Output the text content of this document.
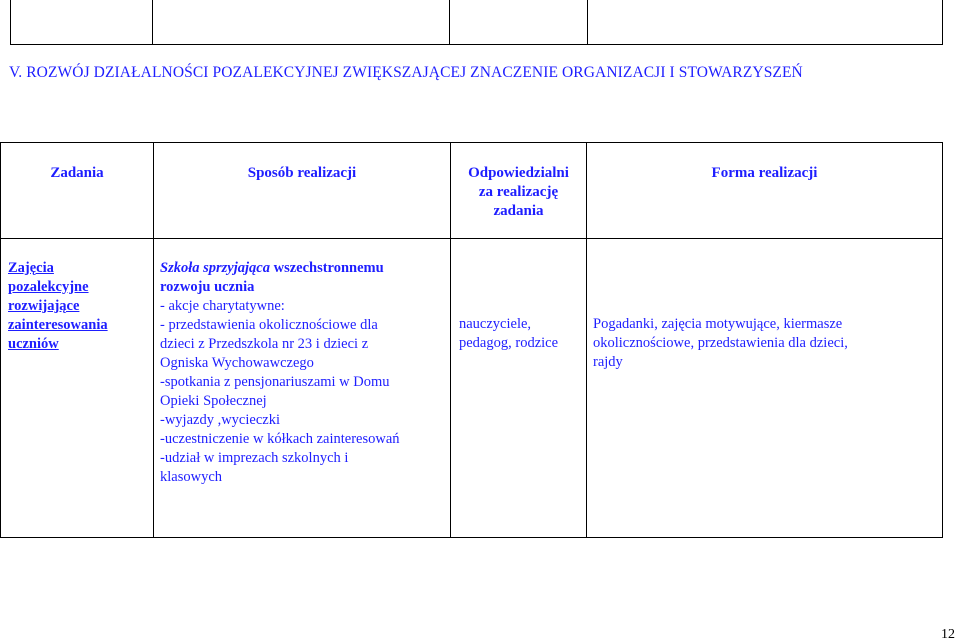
V. ROZWÓJ DZIAŁALNOŚCI POZALEKCYJNEJ ZWIĘKSZAJĄCEJ ZNACZENIE ORGANIZACJI I STOWARZYSZEŃ
Zadania	Sposób realizacji	Odpowiedzialni
za realizację
zadania
Forma realizacji
Zajęcia
pozalekcyjne
rozwijające
zainteresowania
uczniów
Szkoła sprzyjająca wszechstronnemu
rozwoju ucznia
- akcje charytatywne:
- przedstawienia okolicznościowe dla
dzieci z Przedszkola nr 23 i dzieci z
Ogniska Wychowawczego
-spotkania z pensjonariuszami w Domu
Opieki Społecznej
-wyjazdy ,wycieczki
-uczestniczenie w kółkach zainteresowań
-udział w imprezach szkolnych i
klasowych
nauczyciele,
pedagog, rodzice
Pogadanki, zajęcia motywujące, kiermasze
okolicznościowe, przedstawienia dla dzieci,
rajdy
12
